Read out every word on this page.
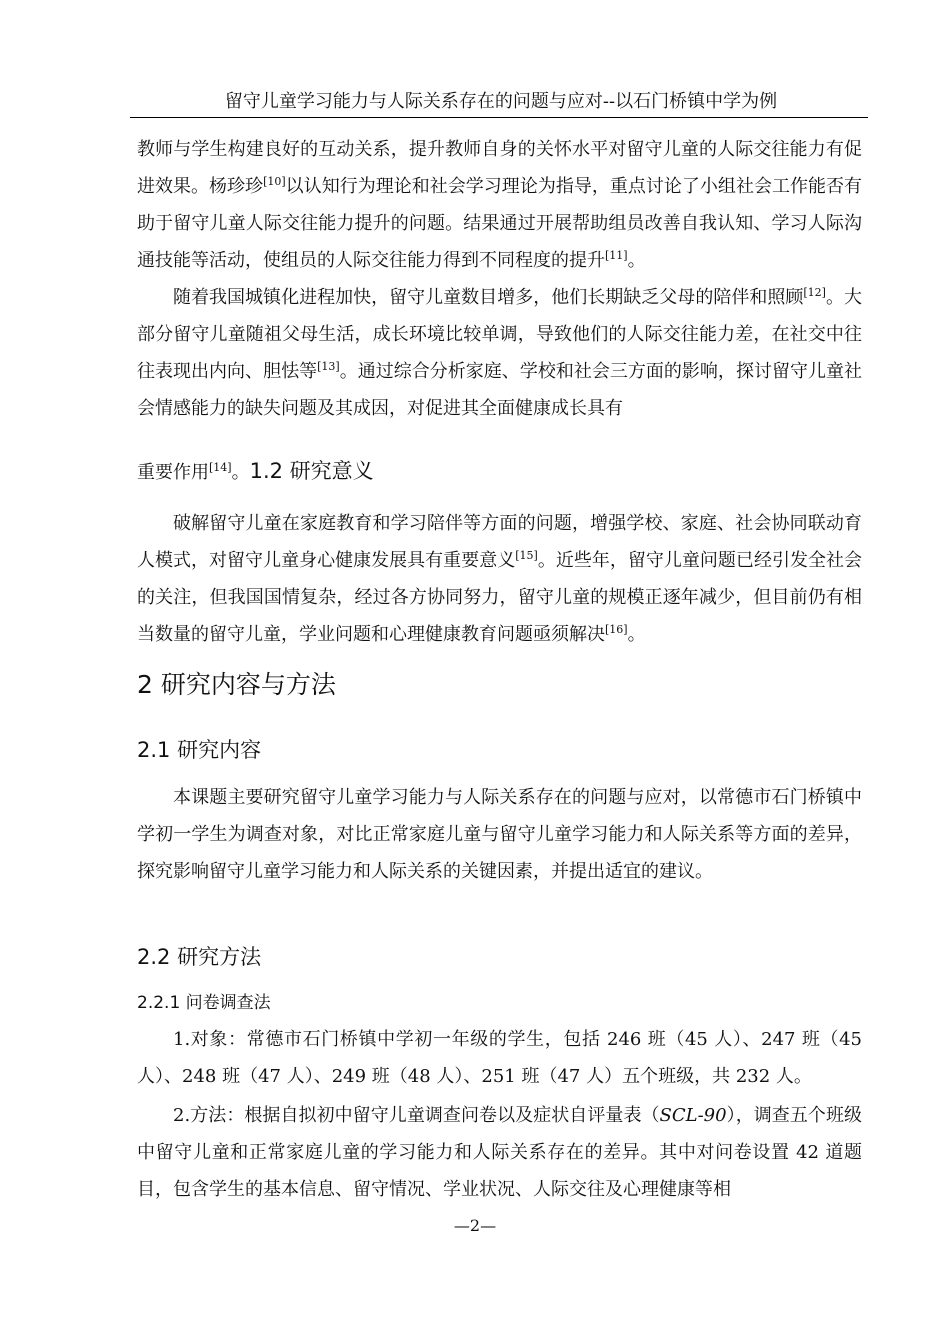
留守儿童学习能力与人际关系存在的问题与应对--以石门桥镇中学为例

教师与学生构建良好的互动关系，提升教师自身的关怀水平对留守儿童的人际交往能力有促进效果。杨珍珍[10]以认知行为理论和社会学习理论为指导，重点讨论了小组社会工作能否有助于留守儿童人际交往能力提升的问题。结果通过开展帮助组员改善自我认知、学习人际沟通技能等活动，使组员的人际交往能力得到不同程度的提升[11]。

随着我国城镇化进程加快，留守儿童数目增多，他们长期缺乏父母的陪伴和照顾[12]。大部分留守儿童随祖父母生活，成长环境比较单调，导致他们的人际交往能力差，在社交中往往表现出内向、胆怯等[13]。通过综合分析家庭、学校和社会三方面的影响，探讨留守儿童社会情感能力的缺失问题及其成因，对促进其全面健康成长具有

重要作用[14]。1.2 研究意义

破解留守儿童在家庭教育和学习陪伴等方面的问题，增强学校、家庭、社会协同联动育人模式，对留守儿童身心健康发展具有重要意义[15]。近些年，留守儿童问题已经引发全社会的关注，但我国国情复杂，经过各方协同努力，留守儿童的规模正逐年减少，但目前仍有相当数量的留守儿童，学业问题和心理健康教育问题亟须解决[16]。

2 研究内容与方法
2.1 研究内容

本课题主要研究留守儿童学习能力与人际关系存在的问题与应对，以常德市石门桥镇中学初一学生为调查对象，对比正常家庭儿童与留守儿童学习能力和人际关系等方面的差异，探究影响留守儿童学习能力和人际关系的关键因素，并提出适宜的建议。

2.2 研究方法
2.2.1 问卷调查法

1.对象：常德市石门桥镇中学初一年级的学生，包括 246 班（45 人）、247 班（45 人）、248 班（47 人）、249 班（48 人）、251 班（47 人）五个班级，共 232 人。

2.方法：根据自拟初中留守儿童调查问卷以及症状自评量表（SCL-90），调查五个班级中留守儿童和正常家庭儿童的学习能力和人际关系存在的差异。其中对问卷设置 42 道题目，包含学生的基本信息、留守情况、学业状况、人际交往及心理健康等相

—2—
